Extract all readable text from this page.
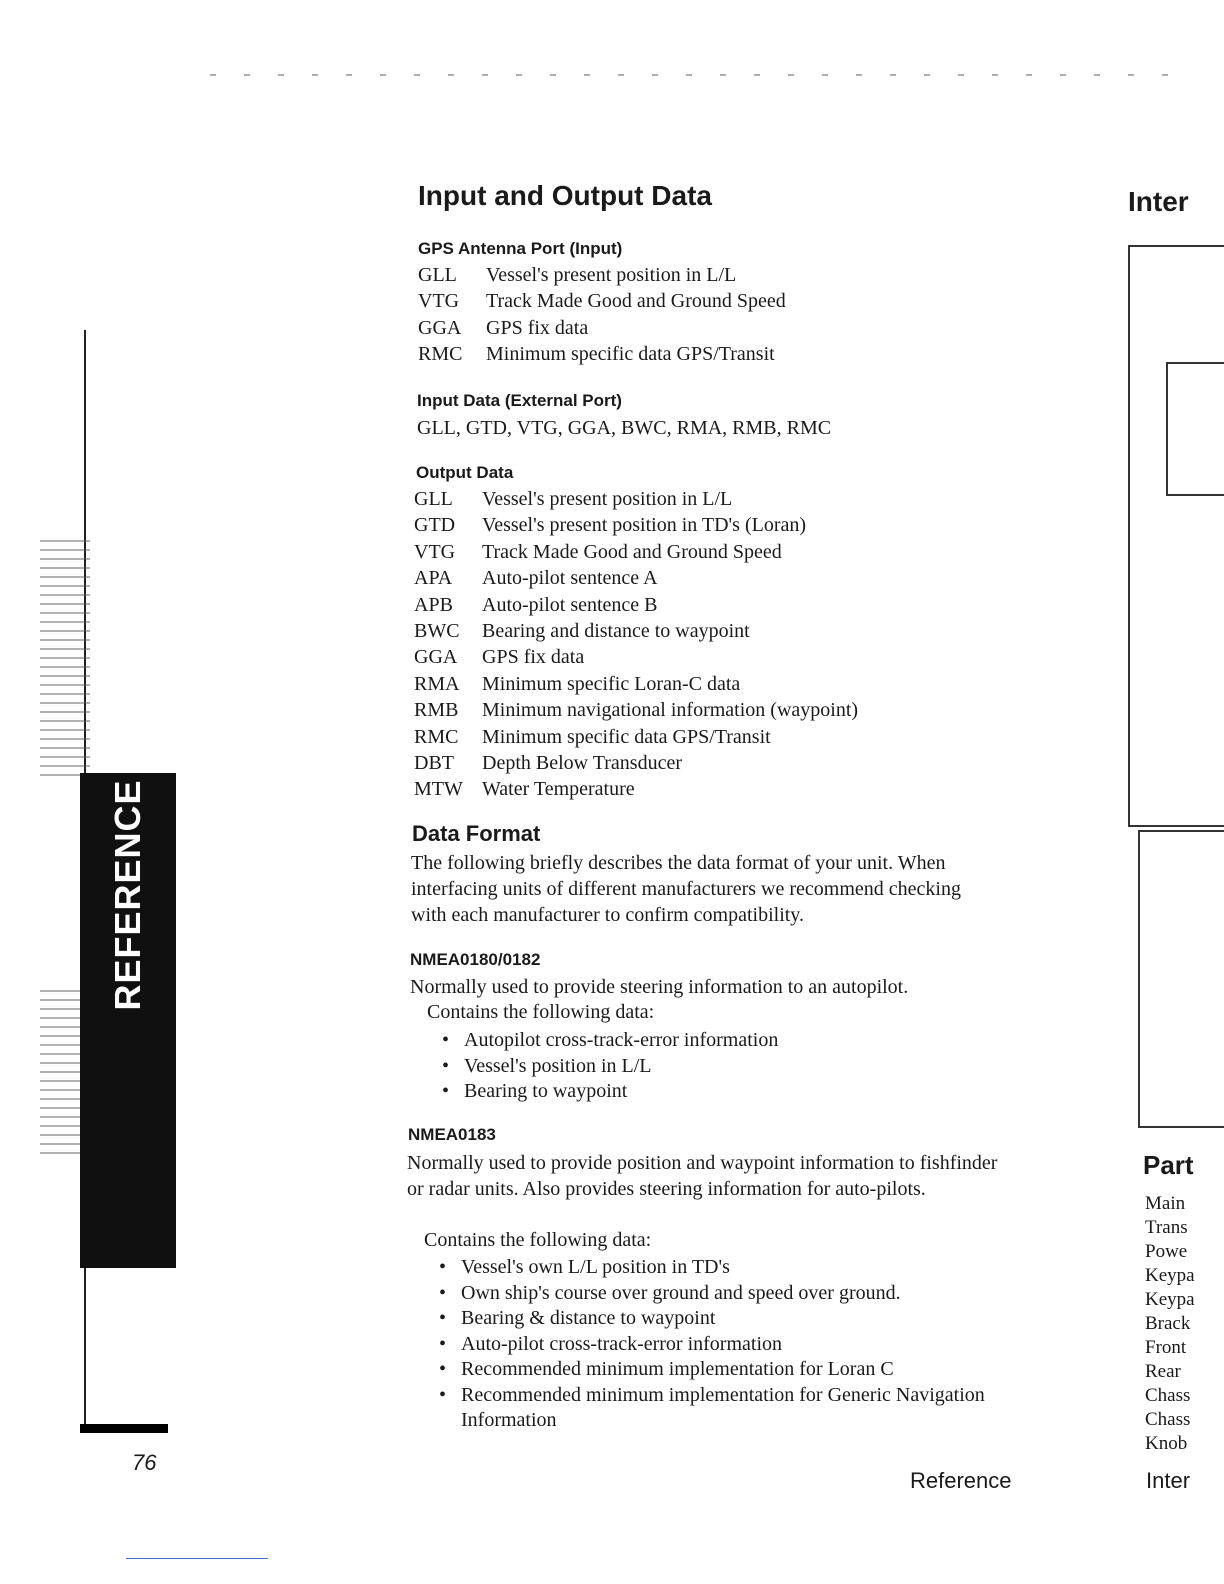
REFERENCE
76
Input and Output Data
GPS Antenna Port (Input)
GLL	Vessel's present position in L/L
VTG	Track Made Good and Ground Speed
GGA	GPS fix data
RMC	Minimum specific data GPS/Transit
Input Data (External Port)
GLL, GTD, VTG, GGA, BWC, RMA, RMB, RMC
Output Data
GLL	Vessel's present position in L/L
GTD	Vessel's present position in TD's (Loran)
VTG	Track Made Good and Ground Speed
APA	Auto-pilot sentence A
APB	Auto-pilot sentence B
BWC	Bearing and distance to waypoint
GGA	GPS fix data
RMA	Minimum specific Loran-C data
RMB	Minimum navigational information (waypoint)
RMC	Minimum specific data GPS/Transit
DBT	Depth Below Transducer
MTW Water Temperature
Data Format
The following briefly describes the data format of your unit. When interfacing units of different manufacturers we recommend checking with each manufacturer to confirm compatibility.
NMEA0180/0182
Normally used to provide steering information to an autopilot.
Contains the following data:
• Autopilot cross-track-error information
• Vessel's position in L/L
• Bearing to waypoint
NMEA0183
Normally used to provide position and waypoint information to fishfinder or radar units. Also provides steering information for auto-pilots.
Contains the following data:
• Vessel's own L/L position in TD's
• Own ship's course over ground and speed over ground.
• Bearing & distance to waypoint
• Auto-pilot cross-track-error information
• Recommended minimum implementation for Loran C
• Recommended minimum implementation for Generic Navigation Information
Reference
Inter
Part
Main
Trans
Powe
Keypa
Keypa
Brack
Front
Rear
Chass
Chass
Knob
Inter
